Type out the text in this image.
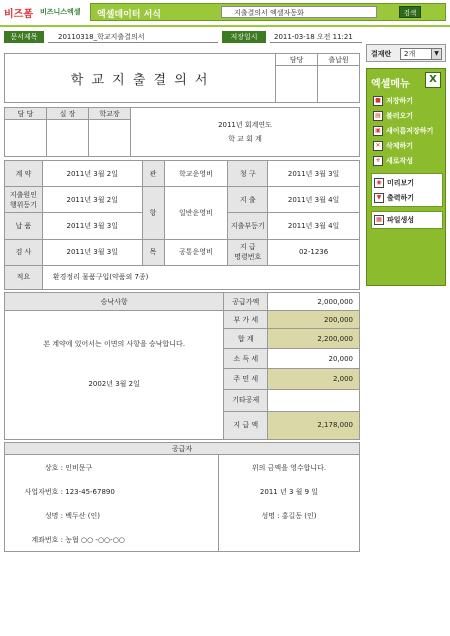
비즈폼 비즈니스엑셀 엑셀데이터 서식	지출결의서 엑셀자동화	검색
문서제목	20110318_학교지출결의서	저장일시	2011-03-18 오전 11:21
학 교 지 출 결 의 서	담당	출납원

담 당	실 장	학교장	2011년 회계연도
학 교 회 계

계 약	2011년 3월 2일	관	학교운영비	청 구	2011년 3월 3일
지출원인
행위등기	2011년 3월 2일	항	일반운영비	지 출	2011년 3월 4일
납 품	2011년 3월 3일			지출부등기	2011년 3월 4일
검 사	2011년 3월 3일	목	공통운영비	지 급
명령번호	02-1236
적요	환경정리 물품구입(약품외 7종)				
승낙사항	공급가액	2,000,000

본 계약에 있어서는 이면의 사항을 승낙합니다.
2002년 3월 2일	부 가 세	200,000
	합 계	2,200,000
	소 득 세	20,000
	주 민 세	2,000
	기타공제	
	지 급 액	2,178,000
공급자

상호 : 인비문구
사업자번호 : 123-45-67890
성명 : 백두산 (인)
계좌번호 : 농협 ○○ -○○-○○

위의 금액을 영수합니다.
2011 년 3 월 9 일
성명 : 홍길동 (인)
결재란	2개	▼
엑셀메뉴	X
■ 저장하기
▤ 불러오기
▣ 새이름저장하기
✕ 삭제하기
+ 새로작성
◉ 미리보기
▼ 출력하기
▦ 파일생성
